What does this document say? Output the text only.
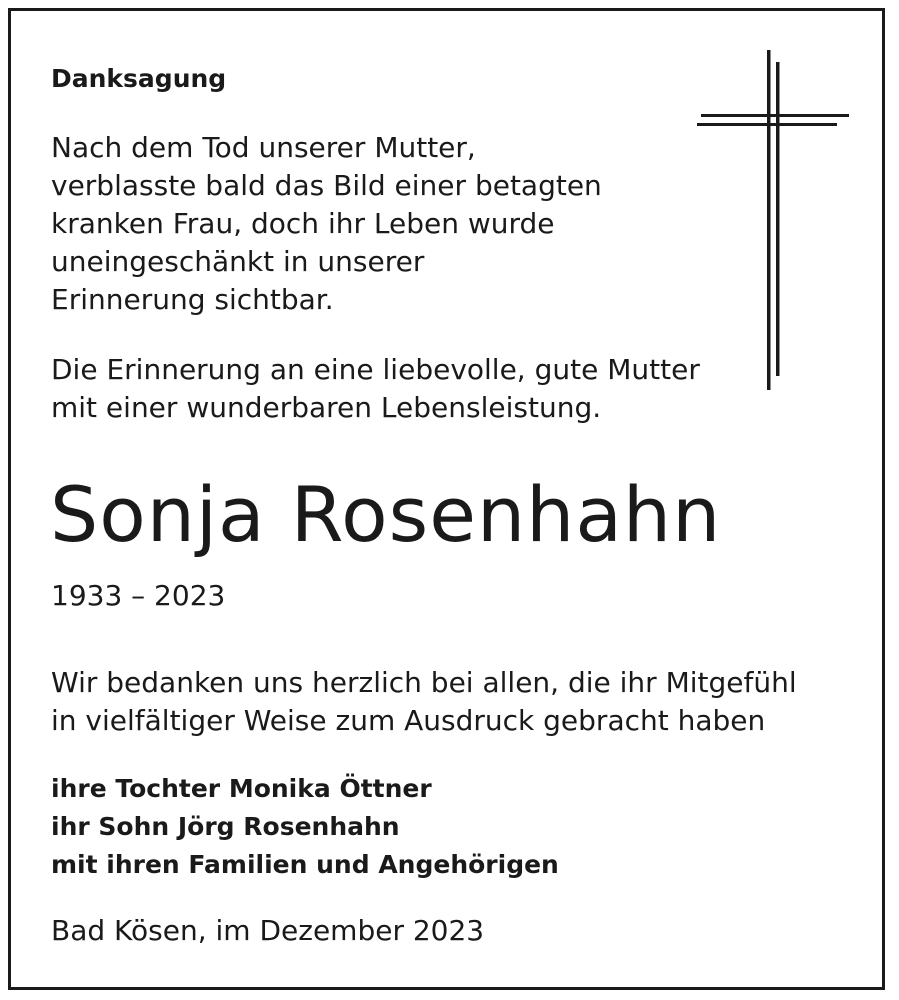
Danksagung
Nach dem Tod unserer Mutter,
verblasste bald das Bild einer betagten
kranken Frau, doch ihr Leben wurde
uneingeschänkt in unserer
Erinnerung sichtbar.
Die Erinnerung an eine liebevolle, gute Mutter
mit einer wunderbaren Lebensleistung.
Sonja Rosenhahn
1933 – 2023
Wir bedanken uns herzlich bei allen, die ihr Mitgefühl
in vielfältiger Weise zum Ausdruck gebracht haben
ihre Tochter Monika Öttner
ihr Sohn Jörg Rosenhahn
mit ihren Familien und Angehörigen
Bad Kösen, im Dezember 2023
